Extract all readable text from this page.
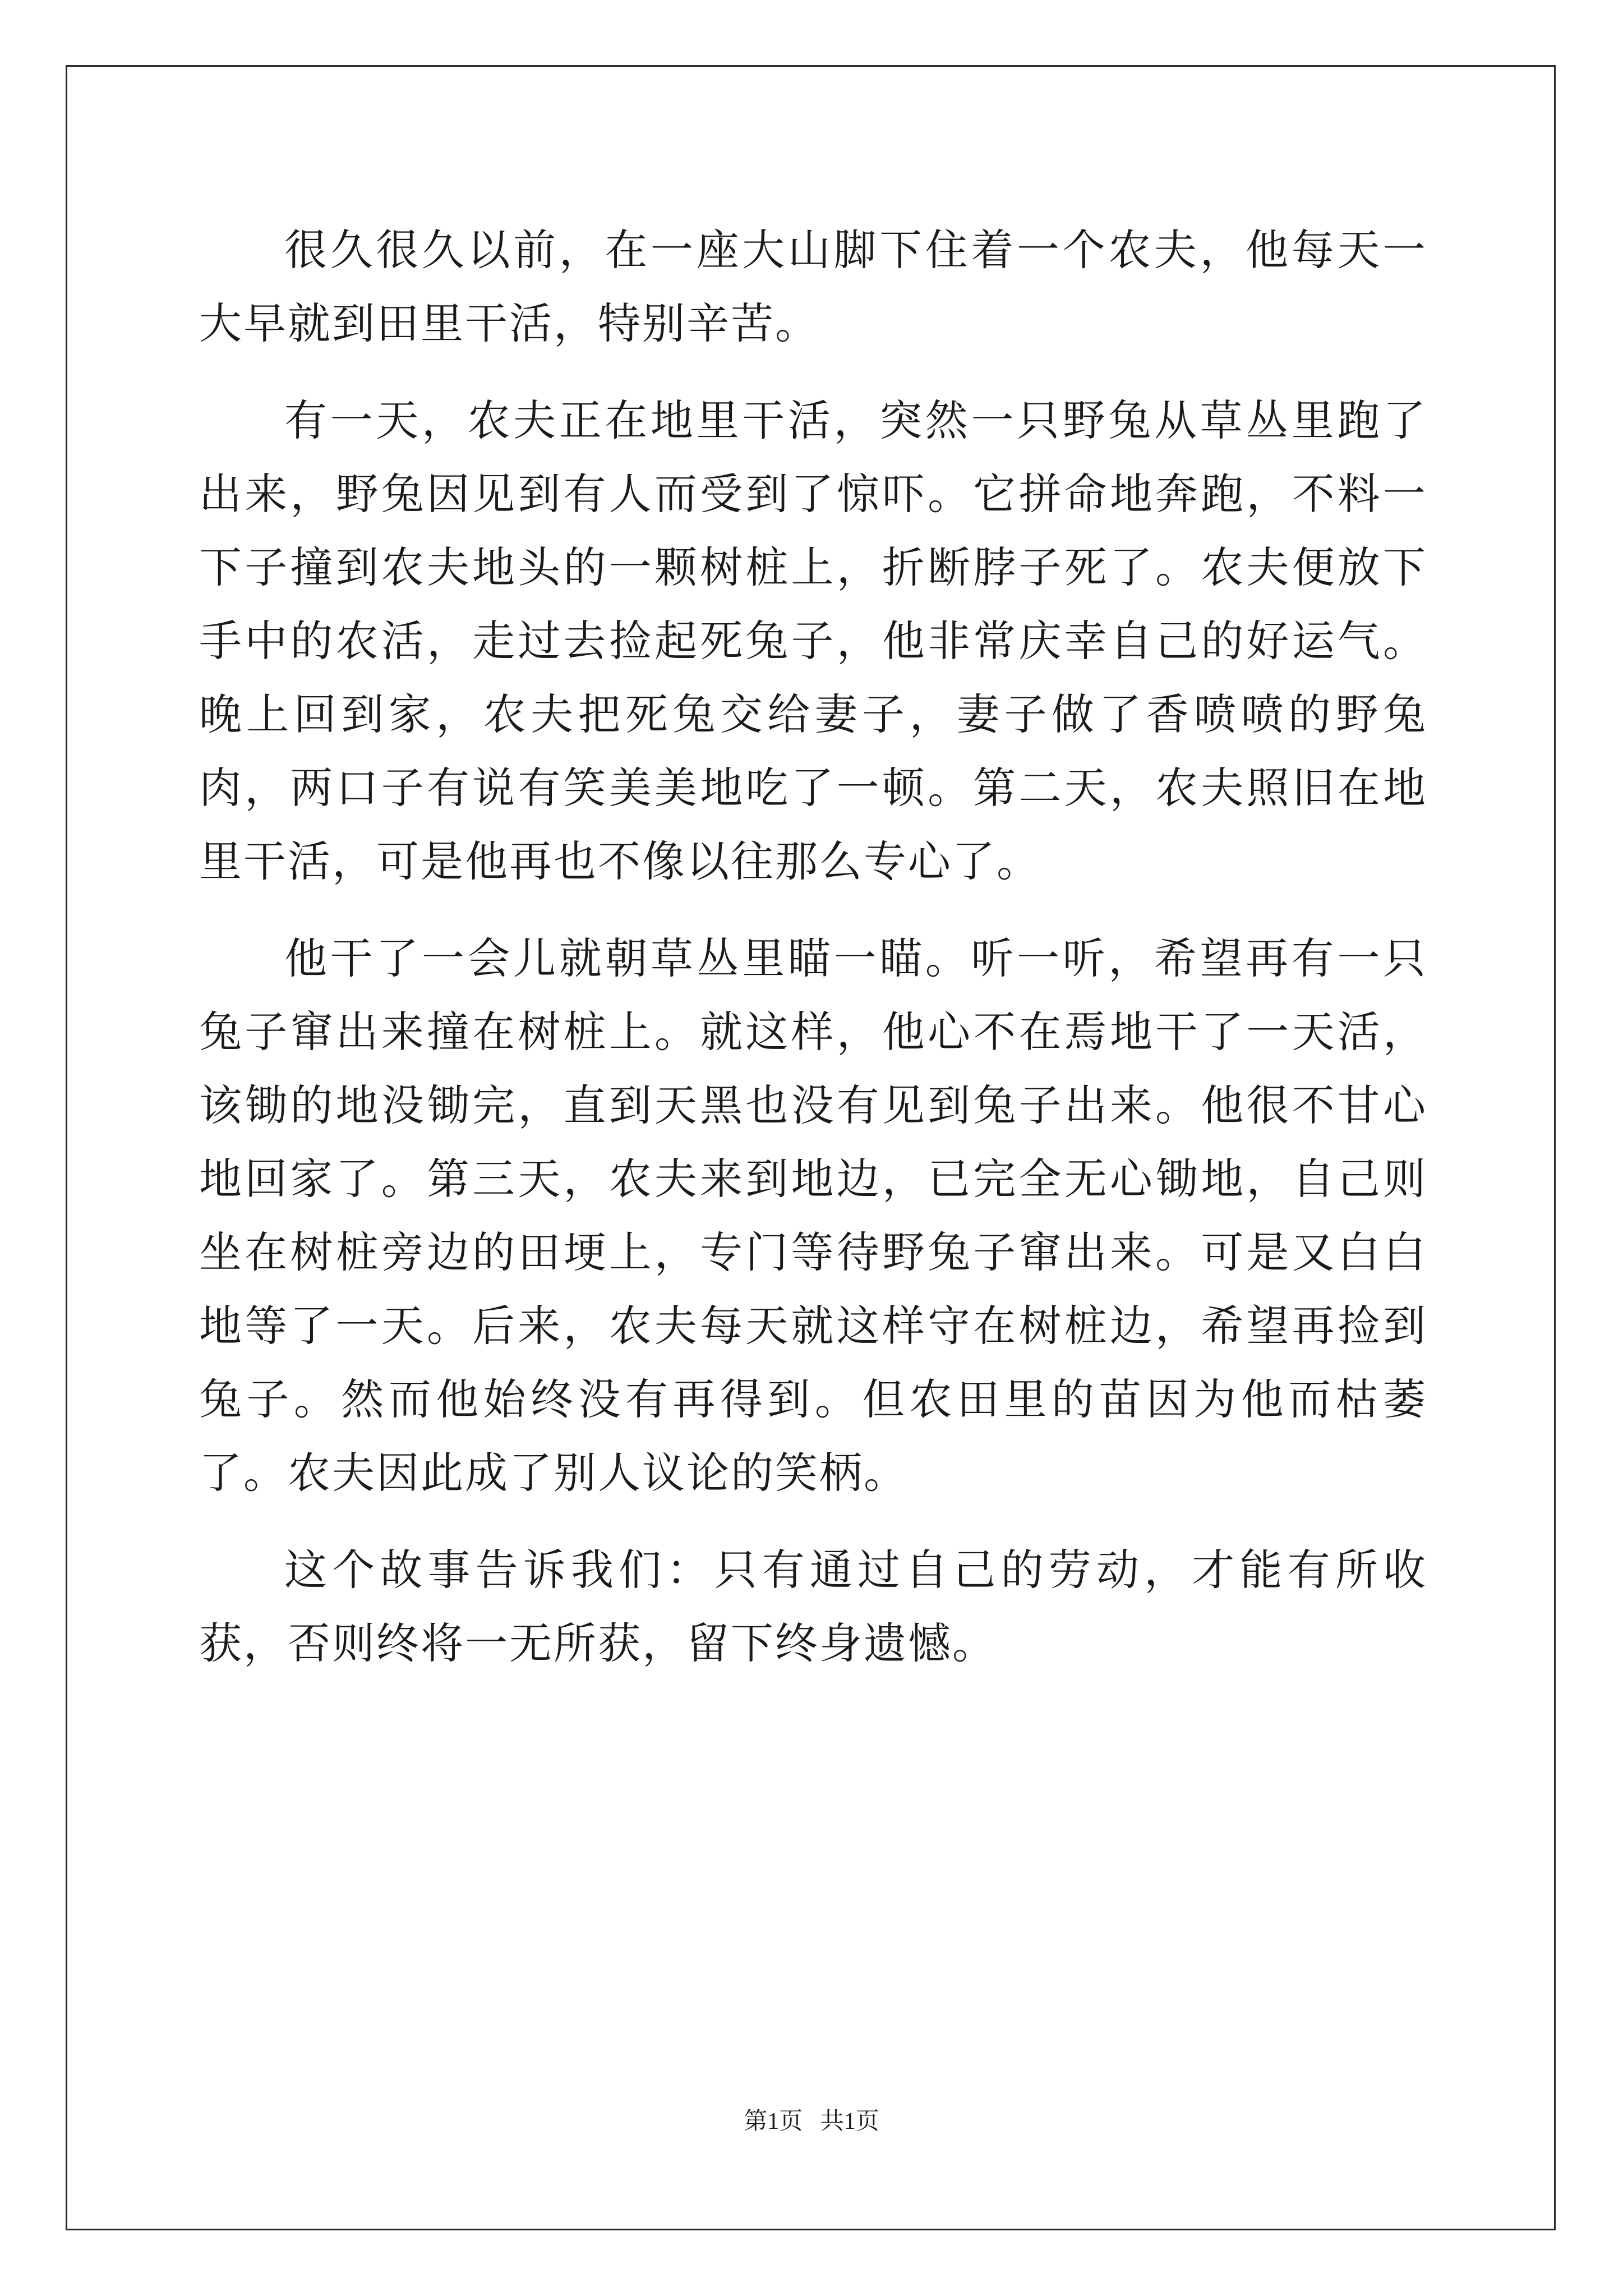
很久很久以前，在一座大山脚下住着一个农夫，他每天一大早就到田里干活，特别辛苦。

有一天，农夫正在地里干活，突然一只野兔从草丛里跑了出来，野兔因见到有人而受到了惊吓。它拼命地奔跑，不料一下子撞到农夫地头的一颗树桩上，折断脖子死了。农夫便放下手中的农活，走过去捡起死兔子，他非常庆幸自己的好运气。晚上回到家，农夫把死兔交给妻子，妻子做了香喷喷的野兔肉，两口子有说有笑美美地吃了一顿。第二天，农夫照旧在地里干活，可是他再也不像以往那么专心了。

他干了一会儿就朝草丛里瞄一瞄。听一听，希望再有一只兔子窜出来撞在树桩上。就这样，他心不在焉地干了一天活，该锄的地没锄完，直到天黑也没有见到兔子出来。他很不甘心地回家了。第三天，农夫来到地边，已完全无心锄地，自己则坐在树桩旁边的田埂上，专门等待野兔子窜出来。可是又白白地等了一天。后来，农夫每天就这样守在树桩边，希望再捡到兔子。然而他始终没有再得到。但农田里的苗因为他而枯萎了。农夫因此成了别人议论的笑柄。

这个故事告诉我们：只有通过自己的劳动，才能有所收获，否则终将一无所获，留下终身遗憾。

第1页   共1页
